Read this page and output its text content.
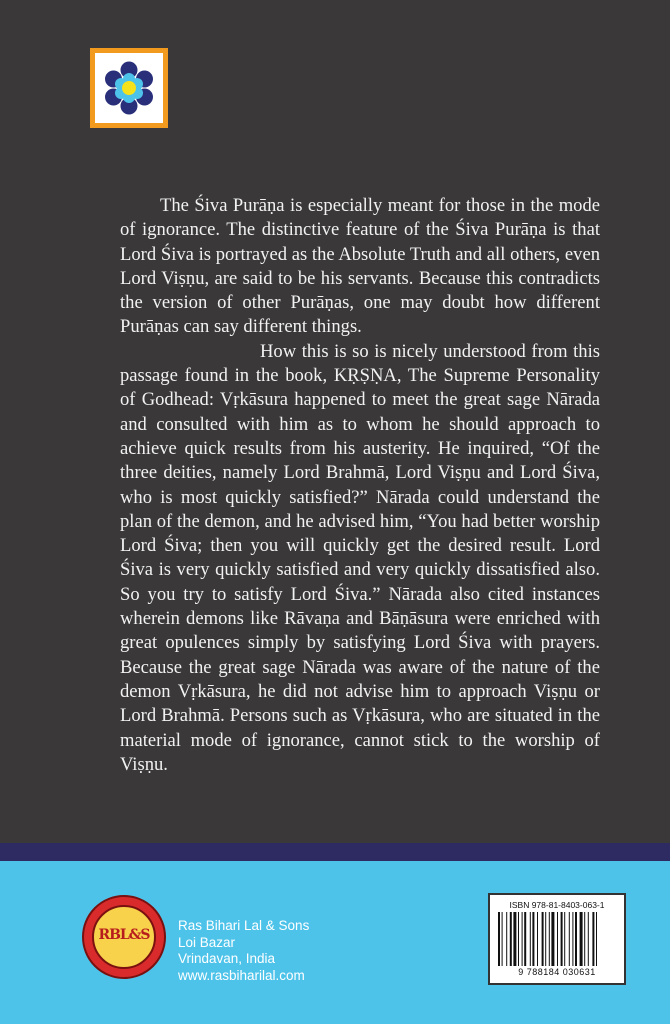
The Śiva Purāṇa is especially meant for those in the mode of ignorance. The distinctive feature of the Śiva Purāṇa is that Lord Śiva is portrayed as the Absolute Truth and all others, even Lord Viṣṇu, are said to be his servants. Because this contradicts the version of other Purāṇas, one may doubt how different Purāṇas can say different things.

How this is so is nicely understood from this passage found in the book, KṚṢṆA, The Supreme Personality of Godhead: Vṛkāsura happened to meet the great sage Nārada and consulted with him as to whom he should approach to achieve quick results from his austerity. He inquired, “Of the three deities, namely Lord Brahmā, Lord Viṣṇu and Lord Śiva, who is most quickly satisfied?” Nārada could understand the plan of the demon, and he advised him, “You had better worship Lord Śiva; then you will quickly get the desired result. Lord Śiva is very quickly satisfied and very quickly dissatisfied also. So you try to satisfy Lord Śiva.” Nārada also cited instances wherein demons like Rāvaṇa and Bāṇāsura were enriched with great opulences simply by satisfying Lord Śiva with prayers. Because the great sage Nārada was aware of the nature of the demon Vṛkāsura, he did not advise him to approach Viṣṇu or Lord Brahmā. Persons such as Vṛkāsura, who are situated in the material mode of ignorance, cannot stick to the worship of Viṣṇu.

RBL&S
Ras Bihari Lal & Sons
Loi Bazar
Vrindavan, India
www.rasbiharilal.com
ISBN 978-81-8403-063-1
9 788184 030631
